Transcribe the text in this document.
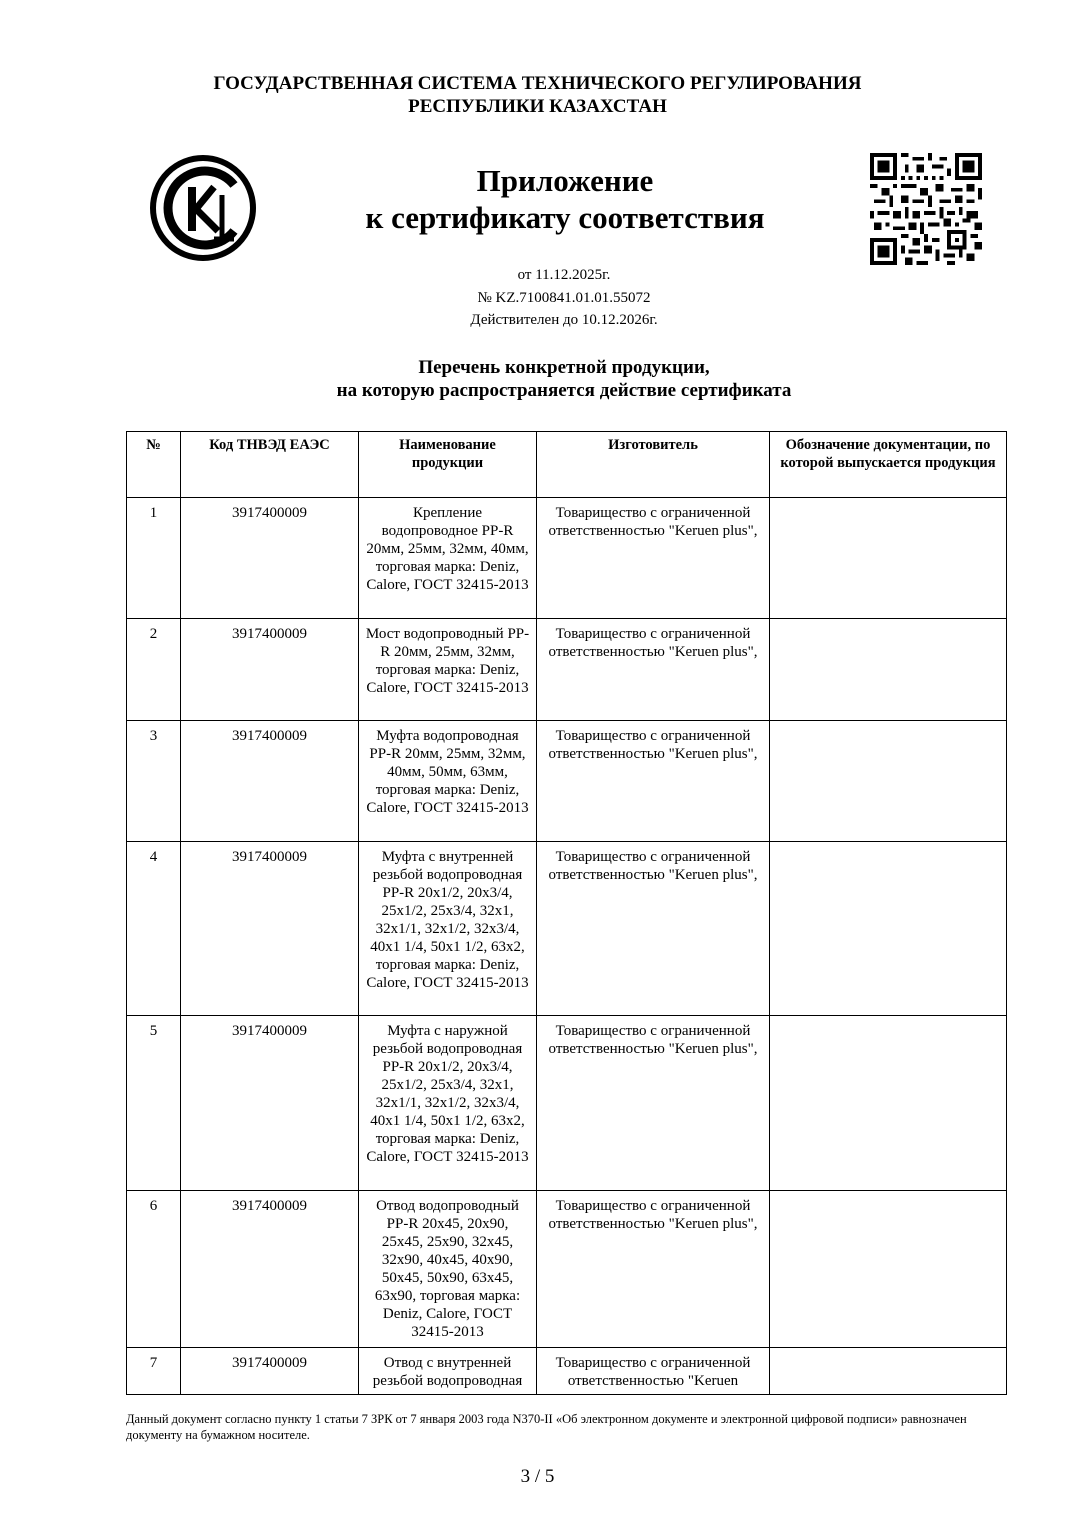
ГОСУДАРСТВЕННАЯ СИСТЕМА ТЕХНИЧЕСКОГО РЕГУЛИРОВАНИЯ
РЕСПУБЛИКИ КАЗАХСТАН
Приложение
к сертификату соответствия
от 11.12.2025г.
№ KZ.7100841.01.01.55072
Действителен до 10.12.2026г.
Перечень конкретной продукции,
на которую распространяется действие сертификата
№	Код ТНВЭД ЕАЭС	Наименование продукции	Изготовитель	Обозначение документации, по которой выпускается продукция
1	3917400009	Крепление водопроводное PP-R 20мм, 25мм, 32мм, 40мм, торговая марка: Deniz, Calore, ГОСТ 32415-2013	Товарищество с ограниченной ответственностью "Keruen plus",	
2	3917400009	Мост водопроводный PP-R 20мм, 25мм, 32мм, торговая марка: Deniz, Calore, ГОСТ 32415-2013	Товарищество с ограниченной ответственностью "Keruen plus",	
3	3917400009	Муфта водопроводная PP-R 20мм, 25мм, 32мм, 40мм, 50мм, 63мм, торговая марка: Deniz, Calore, ГОСТ 32415-2013	Товарищество с ограниченной ответственностью "Keruen plus",	
4	3917400009	Муфта с внутренней резьбой водопроводная PP-R 20х1/2, 20х3/4, 25х1/2, 25х3/4, 32х1, 32х1/1, 32х1/2, 32х3/4, 40х1 1/4, 50х1 1/2, 63х2, торговая марка: Deniz, Calore, ГОСТ 32415-2013	Товарищество с ограниченной ответственностью "Keruen plus",	
5	3917400009	Муфта с наружной резьбой водопроводная PP-R 20х1/2, 20х3/4, 25х1/2, 25х3/4, 32х1, 32х1/1, 32х1/2, 32х3/4, 40х1 1/4, 50х1 1/2, 63х2, торговая марка: Deniz, Calore, ГОСТ 32415-2013	Товарищество с ограниченной ответственностью "Keruen plus",	
6	3917400009	Отвод водопроводный PP-R 20х45, 20х90, 25х45, 25х90, 32х45, 32х90, 40х45, 40х90, 50х45, 50х90, 63х45, 63х90, торговая марка: Deniz, Calore, ГОСТ 32415-2013	Товарищество с ограниченной ответственностью "Keruen plus",	
7	3917400009	Отвод с внутренней резьбой водопроводная	Товарищество с ограниченной ответственностью "Keruen	
Данный документ согласно пункту 1 статьи 7 ЗРК от 7 января 2003 года N370-II «Об электронном документе и электронной цифровой подписи» равнозначен документу на бумажном носителе.
3 / 5
